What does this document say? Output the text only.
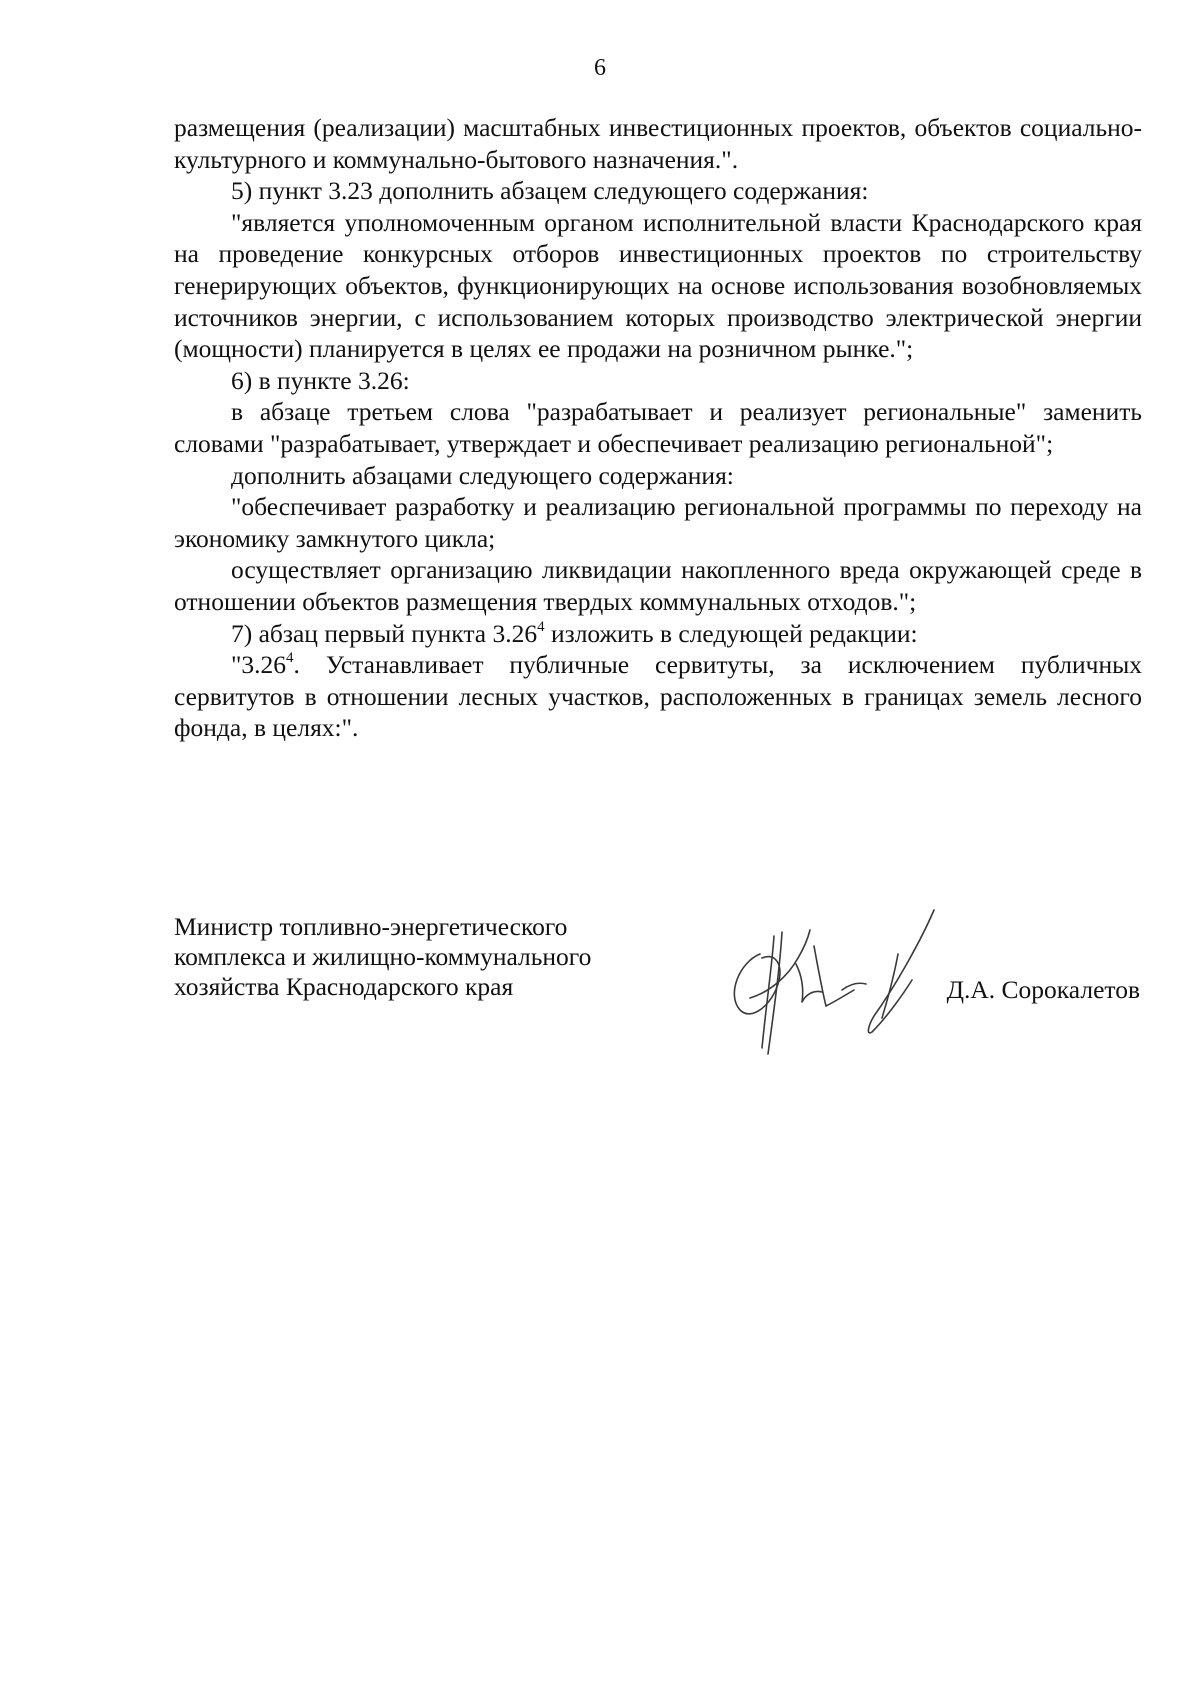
6

размещения (реализации) масштабных инвестиционных проектов, объектов социально-культурного и коммунально-бытового назначения.".

5) пункт 3.23 дополнить абзацем следующего содержания:

"является уполномоченным органом исполнительной власти Краснодарского края на проведение конкурсных отборов инвестиционных проектов по строительству генерирующих объектов, функционирующих на основе использования возобновляемых источников энергии, с использованием которых производство электрической энергии (мощности) планируется в целях ее продажи на розничном рынке.";

6) в пункте 3.26:

в абзаце третьем слова "разрабатывает и реализует региональные" заменить словами "разрабатывает, утверждает и обеспечивает реализацию региональной";

дополнить абзацами следующего содержания:

"обеспечивает разработку и реализацию региональной программы по переходу на экономику замкнутого цикла;

осуществляет организацию ликвидации накопленного вреда окружающей среде в отношении объектов размещения твердых коммунальных отходов.";

7) абзац первый пункта 3.26$^4$ изложить в следующей редакции:

"3.26$^4$. Устанавливает публичные сервитуты, за исключением публичных сервитутов в отношении лесных участков, расположенных в границах земель лесного фонда, в целях:".

Министр топливно-энергетического
комплекса и жилищно-коммунального
хозяйства Краснодарского края	Д.А. Сорокалетов
